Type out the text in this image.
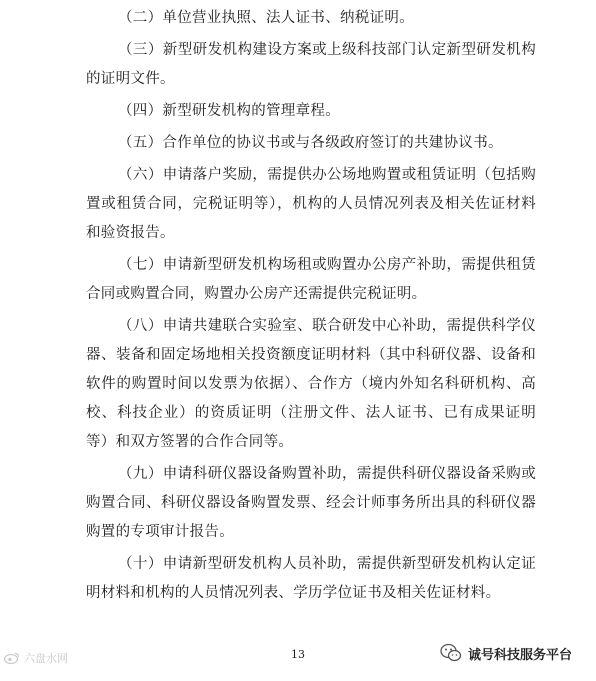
（二）单位营业执照、法人证书、纳税证明。

（三）新型研发机构建设方案或上级科技部门认定新型研发机构的证明文件。

（四）新型研发机构的管理章程。

（五）合作单位的协议书或与各级政府签订的共建协议书。

（六）申请落户奖励，需提供办公场地购置或租赁证明（包括购置或租赁合同，完税证明等），机构的人员情况列表及相关佐证材料和验资报告。

（七）申请新型研发机构场租或购置办公房产补助，需提供租赁合同或购置合同，购置办公房产还需提供完税证明。

（八）申请共建联合实验室、联合研发中心补助，需提供科学仪器、装备和固定场地相关投资额度证明材料（其中科研仪器、设备和软件的购置时间以发票为依据）、合作方（境内外知名科研机构、高校、科技企业）的资质证明（注册文件、法人证书、已有成果证明等）和双方签署的合作合同等。

（九）申请科研仪器设备购置补助，需提供科研仪器设备采购或购置合同、科研仪器设备购置发票、经会计师事务所出具的科研仪器购置的专项审计报告。

（十）申请新型研发机构人员补助，需提供新型研发机构认定证明材料和机构的人员情况列表、学历学位证书及相关佐证材料。

13
六盘水网	诚号科技服务平台
